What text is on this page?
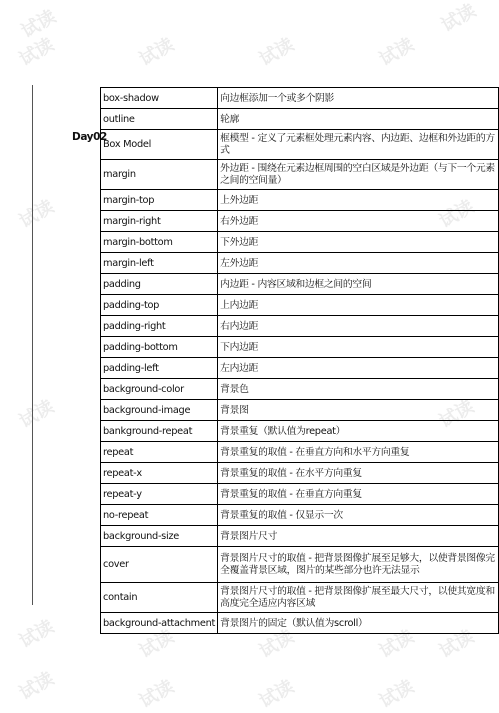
试读	试读	试读	试读
试读
试读
试读	试读
试读	试读
试读	试读	试读	试读 试读
试读	试读	试读	试读
Day02
box-shadow	向边框添加一个或多个阴影
outline	轮廓
Box Model	框模型 - 定义了元素框处理元素内容、内边距、边框和外边距的方式
margin	外边距 - 围绕在元素边框周围的空白区域是外边距（与下一个元素之间的空间量）
margin-top	上外边距
margin-right	右外边距
margin-bottom	下外边距
margin-left	左外边距
padding	内边距 - 内容区域和边框之间的空间
padding-top	上内边距
padding-right	右内边距
padding-bottom	下内边距
padding-left	左内边距
background-color	背景色
background-image	背景图
bankground-repeat	背景重复（默认值为repeat）
repeat	背景重复的取值 - 在垂直方向和水平方向重复
repeat-x	背景重复的取值 - 在水平方向重复
repeat-y	背景重复的取值 - 在垂直方向重复
no-repeat	背景重复的取值 - 仅显示一次
background-size	背景图片尺寸
cover	背景图片尺寸的取值 - 把背景图像扩展至足够大，以使背景图像完全覆盖背景区域，图片的某些部分也许无法显示
contain	背景图片尺寸的取值 - 把背景图像扩展至最大尺寸，以使其宽度和高度完全适应内容区域
background-attachment	背景图片的固定（默认值为scroll）
